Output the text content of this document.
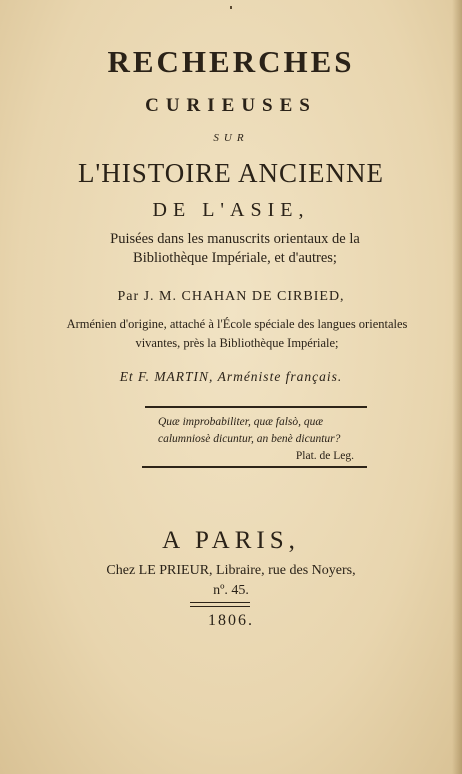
RECHERCHES
CURIEUSES
SUR
L'HISTOIRE ANCIENNE
DE L'ASIE,
Puisées dans les manuscrits orientaux de la Bibliothèque Impériale, et d'autres;
Par J. M. CHAHAN DE CIRBIED,
Arménien d'origine, attaché à l'École spéciale des langues orientales vivantes, près la Bibliothèque Impériale;
Et F. MARTIN, Arméniste français.
Quæ improbabiliter, quæ falsò, quæ calumniosè dicuntur, an benè dicuntur?
Plat. de Leg.
A PARIS,
Chez LE PRIEUR, Libraire, rue des Noyers,
nº. 45.
1806.
